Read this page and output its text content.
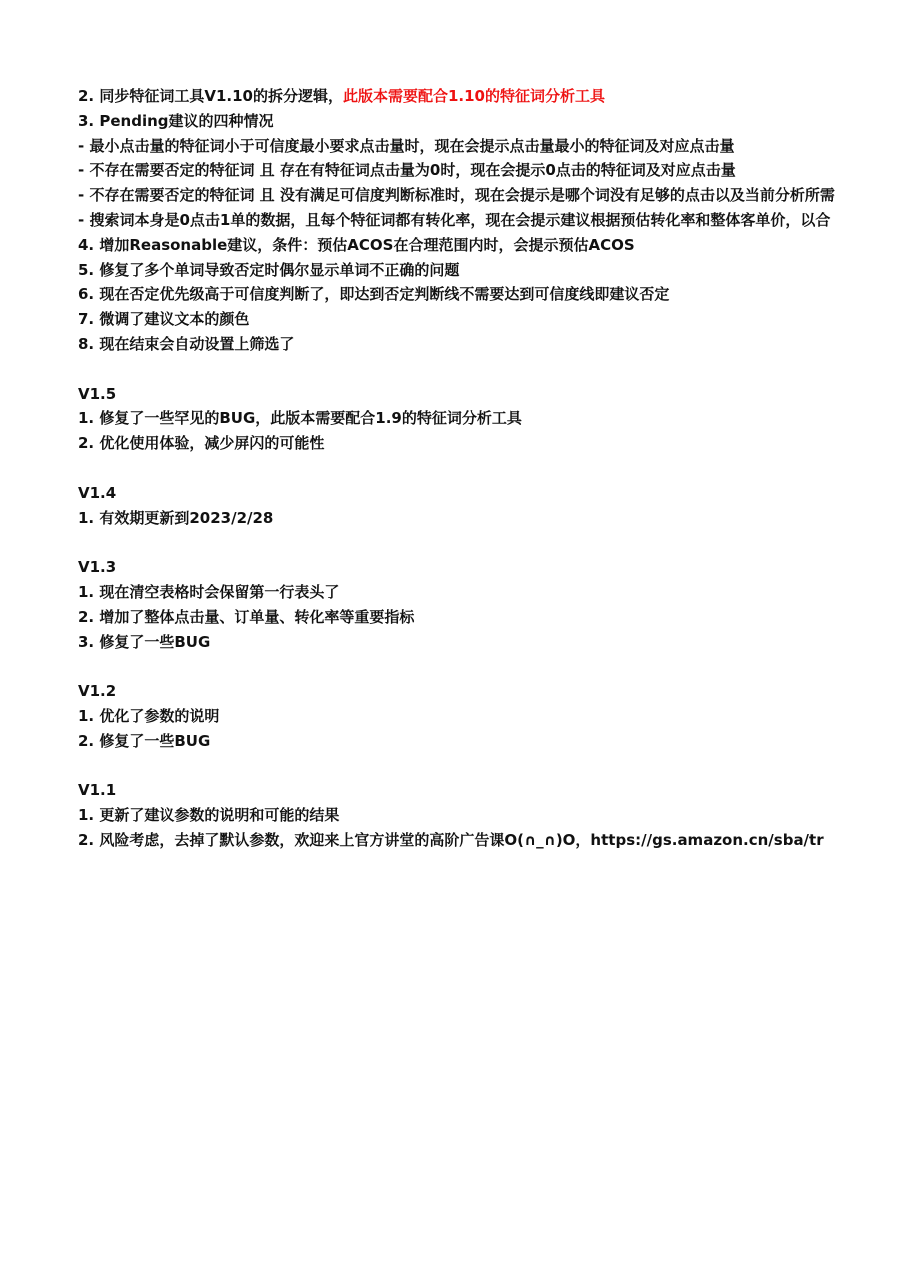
2. 同步特征词工具V1.10的拆分逻辑，此版本需要配合1.10的特征词分析工具
3. Pending建议的四种情况
- 最小点击量的特征词小于可信度最小要求点击量时，现在会提示点击量最小的特征词及对应点击量
- 不存在需要否定的特征词 且 存在有特征词点击量为0时，现在会提示0点击的特征词及对应点击量
- 不存在需要否定的特征词 且 没有满足可信度判断标准时，现在会提示是哪个词没有足够的点击以及当前分析所需
- 搜索词本身是0点击1单的数据，且每个特征词都有转化率，现在会提示建议根据预估转化率和整体客单价，以合
4. 增加Reasonable建议，条件：预估ACOS在合理范围内时，会提示预估ACOS
5. 修复了多个单词导致否定时偶尔显示单词不正确的问题
6. 现在否定优先级高于可信度判断了，即达到否定判断线不需要达到可信度线即建议否定
7. 微调了建议文本的颜色
8. 现在结束会自动设置上筛选了
V1.5
1. 修复了一些罕见的BUG，此版本需要配合1.9的特征词分析工具
2. 优化使用体验，减少屏闪的可能性
V1.4
1. 有效期更新到2023/2/28
V1.3
1. 现在清空表格时会保留第一行表头了
2. 增加了整体点击量、订单量、转化率等重要指标
3. 修复了一些BUG
V1.2
1. 优化了参数的说明
2. 修复了一些BUG
V1.1
1. 更新了建议参数的说明和可能的结果
2. 风险考虑，去掉了默认参数，欢迎来上官方讲堂的高阶广告课O(∩_∩)O，https://gs.amazon.cn/sba/tr
